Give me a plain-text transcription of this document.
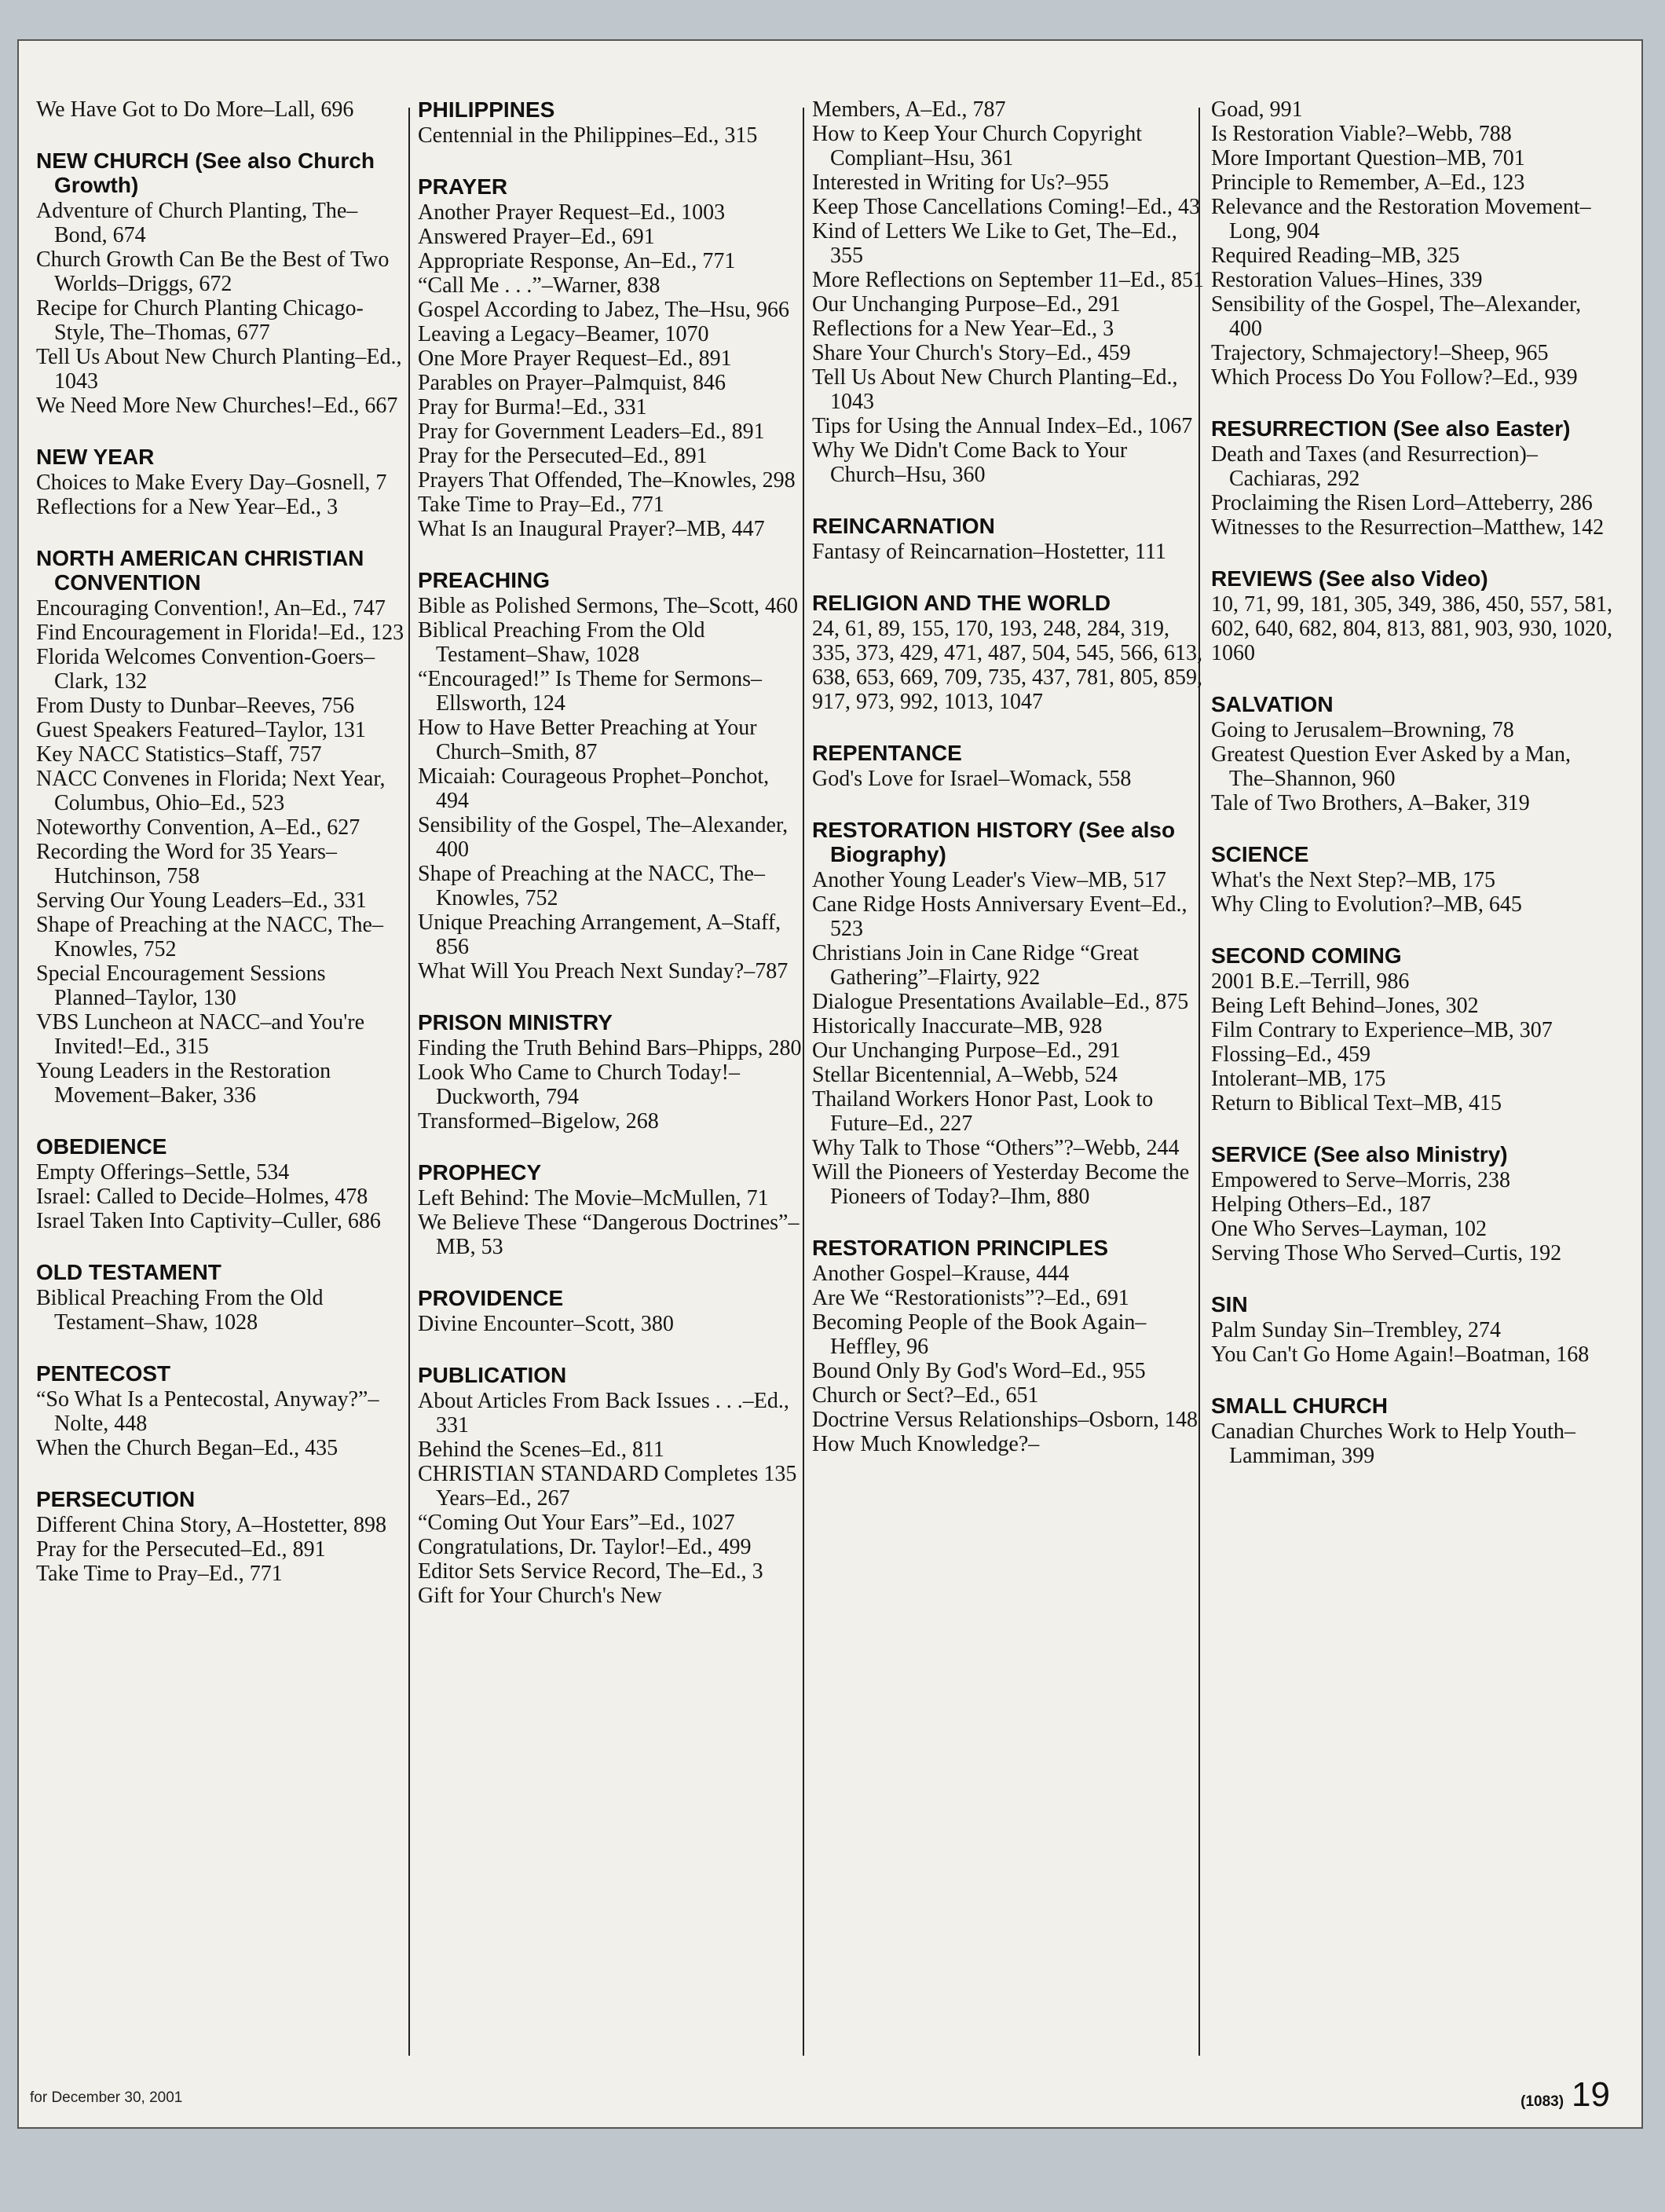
We Have Got to Do More–Lall, 696
NEW CHURCH (See also Church Growth)
Adventure of Church Planting, The–Bond, 674
Church Growth Can Be the Best of Two Worlds–Driggs, 672
Recipe for Church Planting Chicago-Style, The–Thomas, 677
Tell Us About New Church Planting–Ed., 1043
We Need More New Churches!–Ed., 667
NEW YEAR
Choices to Make Every Day–Gosnell, 7
Reflections for a New Year–Ed., 3
NORTH AMERICAN CHRISTIAN CONVENTION
Encouraging Convention!, An–Ed., 747
Find Encouragement in Florida!–Ed., 123
Florida Welcomes Convention-Goers–Clark, 132
From Dusty to Dunbar–Reeves, 756
Guest Speakers Featured–Taylor, 131
Key NACC Statistics–Staff, 757
NACC Convenes in Florida; Next Year, Columbus, Ohio–Ed., 523
Noteworthy Convention, A–Ed., 627
Recording the Word for 35 Years–Hutchinson, 758
Serving Our Young Leaders–Ed., 331
Shape of Preaching at the NACC, The–Knowles, 752
Special Encouragement Sessions Planned–Taylor, 130
VBS Luncheon at NACC–and You're Invited!–Ed., 315
Young Leaders in the Restoration Movement–Baker, 336
OBEDIENCE
Empty Offerings–Settle, 534
Israel: Called to Decide–Holmes, 478
Israel Taken Into Captivity–Culler, 686
OLD TESTAMENT
Biblical Preaching From the Old Testament–Shaw, 1028
PENTECOST
“So What Is a Pentecostal, Anyway?”–Nolte, 448
When the Church Began–Ed., 435
PERSECUTION
Different China Story, A–Hostetter, 898
Pray for the Persecuted–Ed., 891
Take Time to Pray–Ed., 771
PHILIPPINES
Centennial in the Philippines–Ed., 315
PRAYER
Another Prayer Request–Ed., 1003
Answered Prayer–Ed., 691
Appropriate Response, An–Ed., 771
“Call Me . . .”–Warner, 838
Gospel According to Jabez, The–Hsu, 966
Leaving a Legacy–Beamer, 1070
One More Prayer Request–Ed., 891
Parables on Prayer–Palmquist, 846
Pray for Burma!–Ed., 331
Pray for Government Leaders–Ed., 891
Pray for the Persecuted–Ed., 891
Prayers That Offended, The–Knowles, 298
Take Time to Pray–Ed., 771
What Is an Inaugural Prayer?–MB, 447
PREACHING
Bible as Polished Sermons, The–Scott, 460
Biblical Preaching From the Old Testament–Shaw, 1028
“Encouraged!” Is Theme for Sermons–Ellsworth, 124
How to Have Better Preaching at Your Church–Smith, 87
Micaiah: Courageous Prophet–Ponchot, 494
Sensibility of the Gospel, The–Alexander, 400
Shape of Preaching at the NACC, The–Knowles, 752
Unique Preaching Arrangement, A–Staff, 856
What Will You Preach Next Sunday?–787
PRISON MINISTRY
Finding the Truth Behind Bars–Phipps, 280
Look Who Came to Church Today!–Duckworth, 794
Transformed–Bigelow, 268
PROPHECY
Left Behind: The Movie–McMullen, 71
We Believe These “Dangerous Doctrines”–MB, 53
PROVIDENCE
Divine Encounter–Scott, 380
PUBLICATION
About Articles From Back Issues . . .–Ed., 331
Behind the Scenes–Ed., 811
CHRISTIAN STANDARD Completes 135 Years–Ed., 267
“Coming Out Your Ears”–Ed., 1027
Congratulations, Dr. Taylor!–Ed., 499
Editor Sets Service Record, The–Ed., 3
Gift for Your Church's New
Members, A–Ed., 787
How to Keep Your Church Copyright Compliant–Hsu, 361
Interested in Writing for Us?–955
Keep Those Cancellations Coming!–Ed., 43
Kind of Letters We Like to Get, The–Ed., 355
More Reflections on September 11–Ed., 851
Our Unchanging Purpose–Ed., 291
Reflections for a New Year–Ed., 3
Share Your Church's Story–Ed., 459
Tell Us About New Church Planting–Ed., 1043
Tips for Using the Annual Index–Ed., 1067
Why We Didn't Come Back to Your Church–Hsu, 360
REINCARNATION
Fantasy of Reincarnation–Hostetter, 111
RELIGION AND THE WORLD
24, 61, 89, 155, 170, 193, 248, 284, 319, 335, 373, 429, 471, 487, 504, 545, 566, 613, 638, 653, 669, 709, 735, 437, 781, 805, 859, 917, 973, 992, 1013, 1047
REPENTANCE
God's Love for Israel–Womack, 558
RESTORATION HISTORY (See also Biography)
Another Young Leader's View–MB, 517
Cane Ridge Hosts Anniversary Event–Ed., 523
Christians Join in Cane Ridge “Great Gathering”–Flairty, 922
Dialogue Presentations Available–Ed., 875
Historically Inaccurate–MB, 928
Our Unchanging Purpose–Ed., 291
Stellar Bicentennial, A–Webb, 524
Thailand Workers Honor Past, Look to Future–Ed., 227
Why Talk to Those “Others”?–Webb, 244
Will the Pioneers of Yesterday Become the Pioneers of Today?–Ihm, 880
RESTORATION PRINCIPLES
Another Gospel–Krause, 444
Are We “Restorationists”?–Ed., 691
Becoming People of the Book Again–Heffley, 96
Bound Only By God's Word–Ed., 955
Church or Sect?–Ed., 651
Doctrine Versus Relationships–Osborn, 148
How Much Knowledge?–
Goad, 991
Is Restoration Viable?–Webb, 788
More Important Question–MB, 701
Principle to Remember, A–Ed., 123
Relevance and the Restoration Movement–Long, 904
Required Reading–MB, 325
Restoration Values–Hines, 339
Sensibility of the Gospel, The–Alexander, 400
Trajectory, Schmajectory!–Sheep, 965
Which Process Do You Follow?–Ed., 939
RESURRECTION (See also Easter)
Death and Taxes (and Resurrection)–Cachiaras, 292
Proclaiming the Risen Lord–Atteberry, 286
Witnesses to the Resurrection–Matthew, 142
REVIEWS (See also Video)
10, 71, 99, 181, 305, 349, 386, 450, 557, 581, 602, 640, 682, 804, 813, 881, 903, 930, 1020, 1060
SALVATION
Going to Jerusalem–Browning, 78
Greatest Question Ever Asked by a Man, The–Shannon, 960
Tale of Two Brothers, A–Baker, 319
SCIENCE
What's the Next Step?–MB, 175
Why Cling to Evolution?–MB, 645
SECOND COMING
2001 B.E.–Terrill, 986
Being Left Behind–Jones, 302
Film Contrary to Experience–MB, 307
Flossing–Ed., 459
Intolerant–MB, 175
Return to Biblical Text–MB, 415
SERVICE (See also Ministry)
Empowered to Serve–Morris, 238
Helping Others–Ed., 187
One Who Serves–Layman, 102
Serving Those Who Served–Curtis, 192
SIN
Palm Sunday Sin–Trembley, 274
You Can't Go Home Again!–Boatman, 168
SMALL CHURCH
Canadian Churches Work to Help Youth–Lammiman, 399
for December 30, 2001	(1083) 19
